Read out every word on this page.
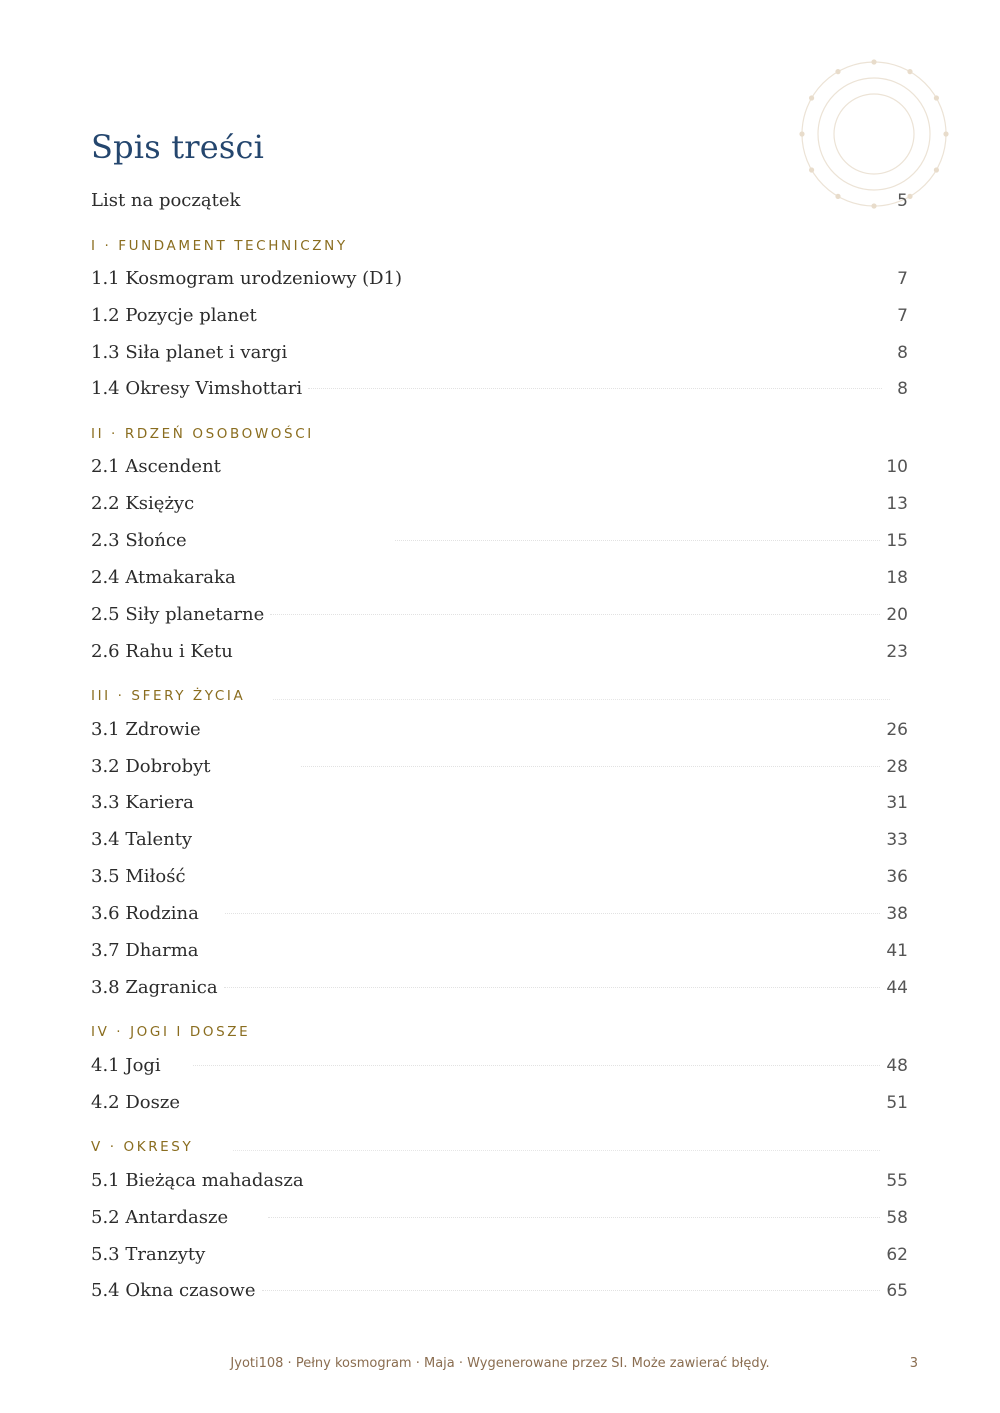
Spis treści
List na początek	5
I · FUNDAMENT TECHNICZNY
1.1 Kosmogram urodzeniowy (D1)	7
1.2 Pozycje planet	7
1.3 Siła planet i vargi	8
1.4 Okresy Vimshottari	8
II · RDZEŃ OSOBOWOŚCI
2.1 Ascendent	10
2.2 Księżyc	13
2.3 Słońce	15
2.4 Atmakaraka	18
2.5 Siły planetarne	20
2.6 Rahu i Ketu	23
III · SFERY ŻYCIA
3.1 Zdrowie	26
3.2 Dobrobyt	28
3.3 Kariera	31
3.4 Talenty	33
3.5 Miłość	36
3.6 Rodzina	38
3.7 Dharma	41
3.8 Zagranica	44
IV · JOGI I DOSZE
4.1 Jogi	48
4.2 Dosze	51
V · OKRESY
5.1 Bieżąca mahadasza	55
5.2 Antardasze	58
5.3 Tranzyty	62
5.4 Okna czasowe	65
Jyoti108 · Pełny kosmogram · Maja · Wygenerowane przez SI. Może zawierać błędy.	3
